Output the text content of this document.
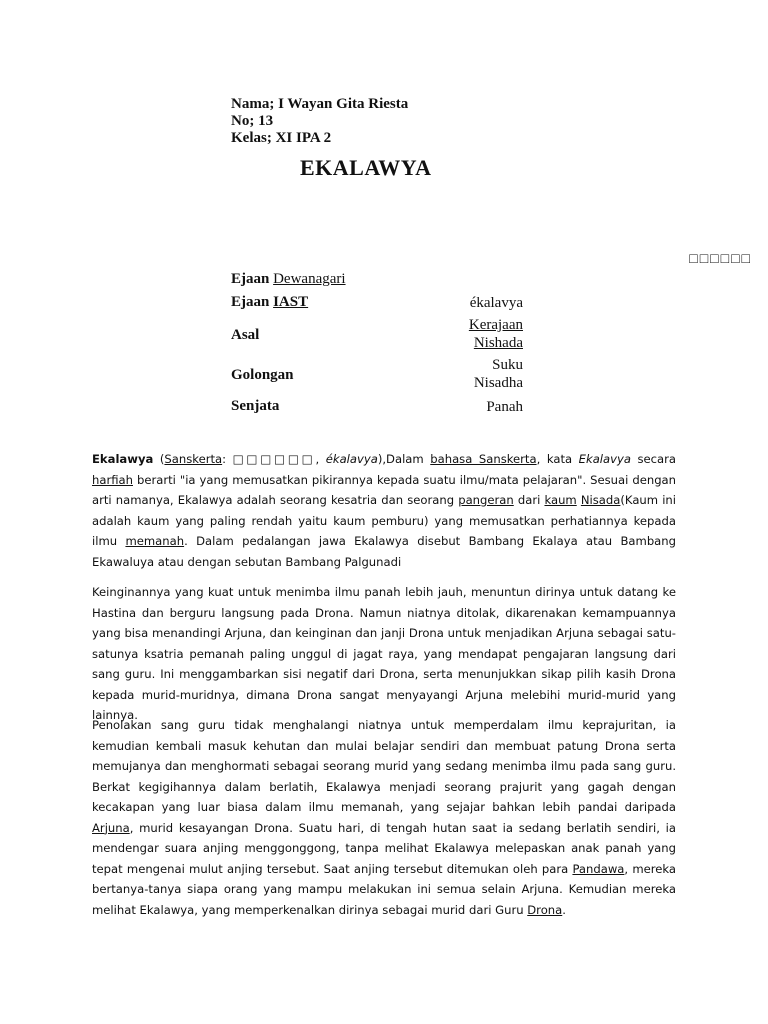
Nama; I Wayan Gita Riesta
No; 13
Kelas; XI IPA 2
EKALAWYA
□□□□□□
Ejaan Dewanagari
Ejaan IAST	ékalavya
Asal
Kerajaan
Nishada
Golongan
Suku
Nisadha
Senjata	Panah

Ekalawya (Sanskerta: □□□□□□, ékalavya),Dalam bahasa Sanskerta, kata Ekalavya secara harfiah berarti "ia yang memusatkan pikirannya kepada suatu ilmu/mata pelajaran". Sesuai dengan arti namanya, Ekalawya adalah seorang kesatria dan seorang pangeran dari kaum Nisada(Kaum ini adalah kaum yang paling rendah yaitu kaum pemburu) yang memusatkan perhatiannya kepada ilmu memanah. Dalam pedalangan jawa Ekalawya disebut Bambang Ekalaya atau Bambang Ekawaluya atau dengan sebutan Bambang Palgunadi

Keinginannya yang kuat untuk menimba ilmu panah lebih jauh, menuntun dirinya untuk datang ke Hastina dan berguru langsung pada Drona. Namun niatnya ditolak, dikarenakan kemampuannya yang bisa menandingi Arjuna, dan keinginan dan janji Drona untuk menjadikan Arjuna sebagai satu-satunya ksatria pemanah paling unggul di jagat raya, yang mendapat pengajaran langsung dari sang guru. Ini menggambarkan sisi negatif dari Drona, serta menunjukkan sikap pilih kasih Drona kepada murid-muridnya, dimana Drona sangat menyayangi Arjuna melebihi murid-murid yang lainnya.

Penolakan sang guru tidak menghalangi niatnya untuk memperdalam ilmu keprajuritan, ia kemudian kembali masuk kehutan dan mulai belajar sendiri dan membuat patung Drona serta memujanya dan menghormati sebagai seorang murid yang sedang menimba ilmu pada sang guru. Berkat kegigihannya dalam berlatih, Ekalawya menjadi seorang prajurit yang gagah dengan kecakapan yang luar biasa dalam ilmu memanah, yang sejajar bahkan lebih pandai daripada Arjuna, murid kesayangan Drona. Suatu hari, di tengah hutan saat ia sedang berlatih sendiri, ia mendengar suara anjing menggonggong, tanpa melihat Ekalawya melepaskan anak panah yang tepat mengenai mulut anjing tersebut. Saat anjing tersebut ditemukan oleh para Pandawa, mereka bertanya-tanya siapa orang yang mampu melakukan ini semua selain Arjuna. Kemudian mereka melihat Ekalawya, yang memperkenalkan dirinya sebagai murid dari Guru Drona.
